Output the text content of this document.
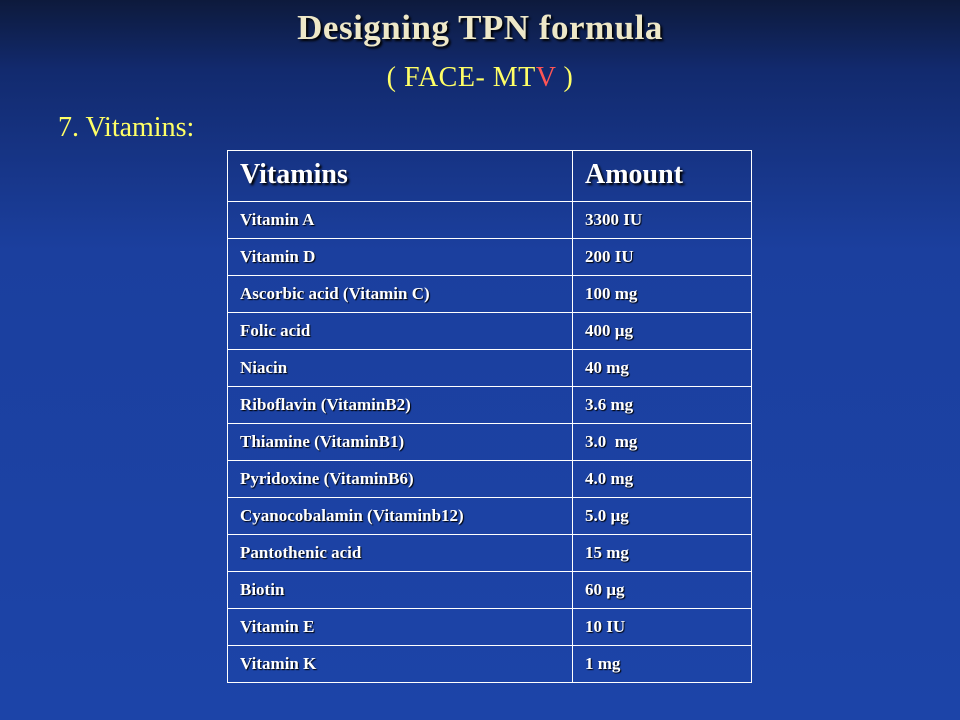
Designing TPN formula
( FACE- MTV )
7. Vitamins:
Vitamins	Amount
Vitamin A	3300 IU
Vitamin D	200 IU
Ascorbic acid (Vitamin C)	100 mg
Folic acid	400 µg
Niacin	40 mg
Riboflavin (VitaminB2)	3.6 mg
Thiamine (VitaminB1)	3.0  mg
Pyridoxine (VitaminB6)	4.0 mg
Cyanocobalamin (Vitaminb12)	5.0 µg
Pantothenic acid	15 mg
Biotin	60 µg
Vitamin E	10 IU
Vitamin K	1 mg
